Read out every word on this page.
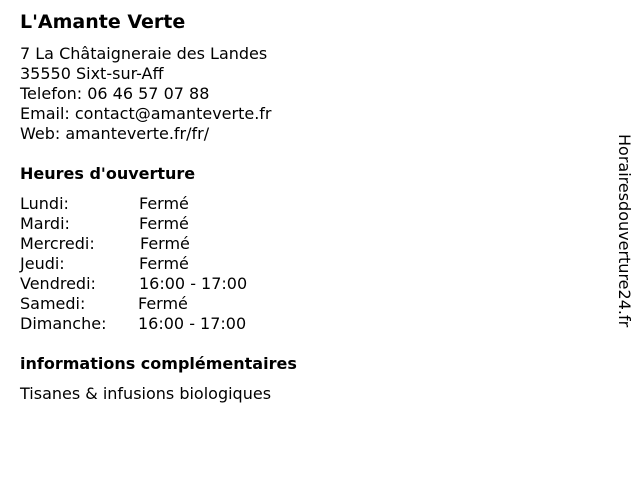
L'Amante Verte
7 La Châtaigneraie des Landes
35550 Sixt-sur-Aff
Telefon: 06 46 57 07 88
Email: contact@amanteverte.fr
Web: amanteverte.fr/fr/
Heures d'ouverture
Lundi:	Fermé
Mardi:	Fermé
Mercredi:	Fermé
Jeudi:	Fermé
Vendredi:	16:00 - 17:00
Samedi:	Fermé
Dimanche: 16:00 - 17:00
informations complémentaires
Tisanes & infusions biologiques
Horairesdouverture24.fr
